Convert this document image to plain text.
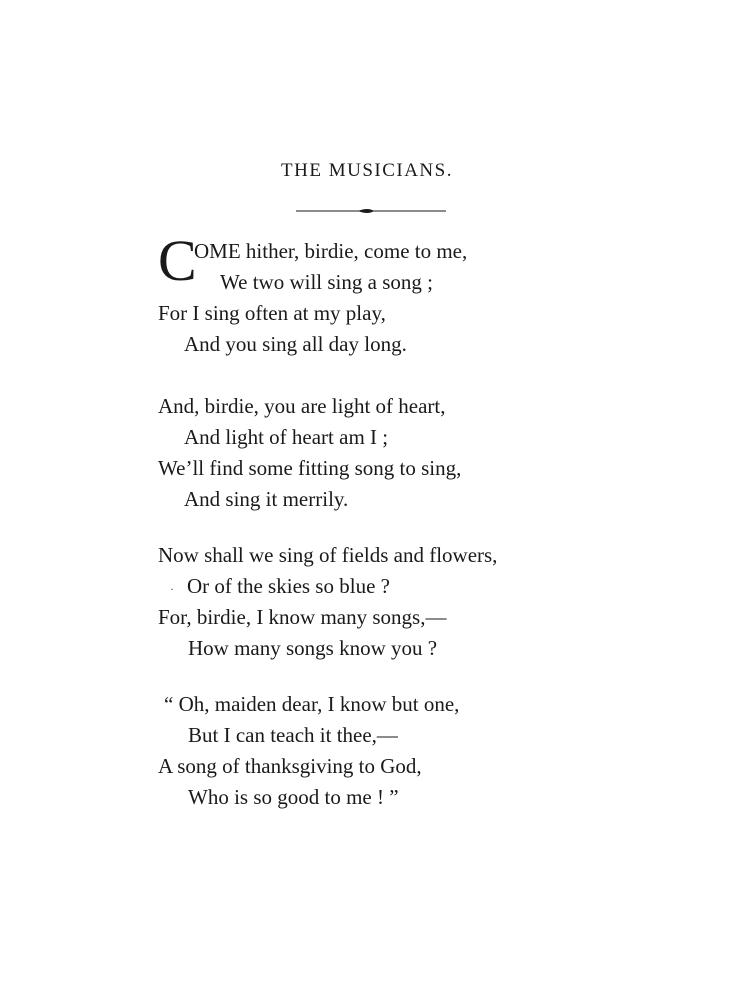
THE MUSICIANS.
C
OME hither, birdie, come to me,
We two will sing a song ;
For I sing often at my play,
And you sing all day long.
And, birdie, you are light of heart,
And light of heart am I ;
We’ll find some fitting song to sing,
And sing it merrily.
Now shall we sing of fields and flowers,
· Or of the skies so blue ?
For, birdie, I know many songs,—
How many songs know you ?
“ Oh, maiden dear, I know but one,
But I can teach it thee,—
A song of thanksgiving to God,
Who is so good to me ! ”
